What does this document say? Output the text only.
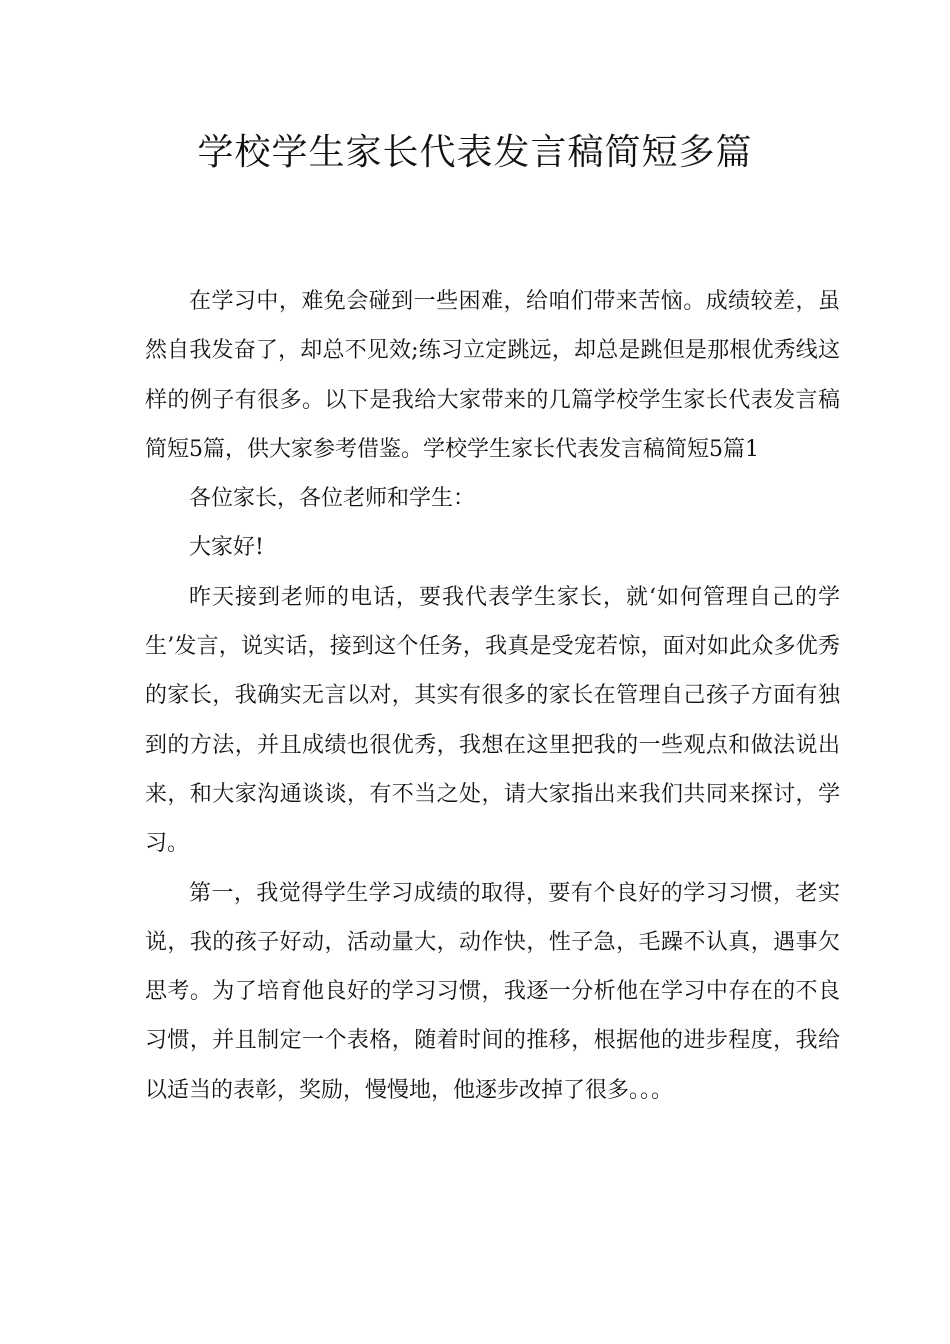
学校学生家长代表发言稿简短多篇

在学习中，难免会碰到一些困难，给咱们带来苦恼。成绩较差，虽然自我发奋了，却总不见效;练习立定跳远，却总是跳但是那根优秀线这样的例子有很多。以下是我给大家带来的几篇学校学生家长代表发言稿简短5篇，供大家参考借鉴。学校学生家长代表发言稿简短5篇1

各位家长，各位老师和学生：

大家好!

昨天接到老师的电话，要我代表学生家长，就‘如何管理自己的学生’发言，说实话，接到这个任务，我真是受宠若惊，面对如此众多优秀的家长，我确实无言以对，其实有很多的家长在管理自己孩子方面有独到的方法，并且成绩也很优秀，我想在这里把我的一些观点和做法说出来，和大家沟通谈谈，有不当之处，请大家指出来我们共同来探讨，学习。

第一，我觉得学生学习成绩的取得，要有个良好的学习习惯，老实说，我的孩子好动，活动量大，动作快，性子急，毛躁不认真，遇事欠思考。为了培育他良好的学习习惯，我逐一分析他在学习中存在的不良习惯，并且制定一个表格，随着时间的推移，根据他的进步程度，我给以适当的表彰，奖励，慢慢地，他逐步改掉了很多。。。
